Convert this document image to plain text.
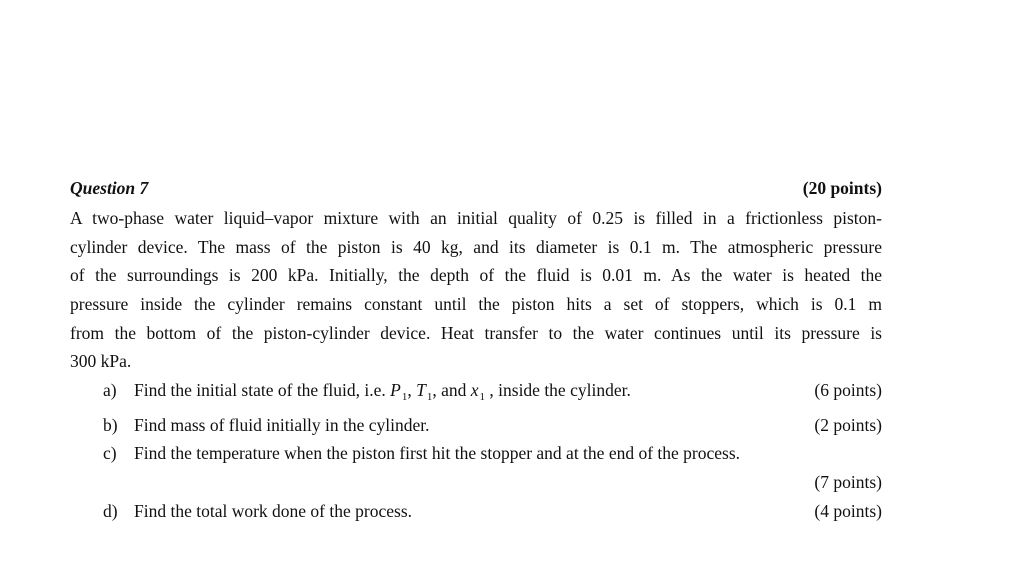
Question 7	(20 points)
A two-phase water liquid–vapor mixture with an initial quality of 0.25 is filled in a frictionless piston-
cylinder device. The mass of the piston is 40 kg, and its diameter is 0.1 m. The atmospheric pressure
of the surroundings is 200 kPa. Initially, the depth of the fluid is 0.01 m. As the water is heated the
pressure inside the cylinder remains constant until the piston hits a set of stoppers, which is 0.1 m
from the bottom of the piston-cylinder device. Heat transfer to the water continues until its pressure is
300 kPa.
a) Find the initial state of the fluid, i.e. $P_1$, $T_1$, and $x_1$ , inside the cylinder.	(6 points)
b) Find mass of fluid initially in the cylinder.	(2 points)
c) Find the temperature when the piston first hit the stopper and at the end of the process.
(7 points)
d) Find the total work done of the process.	(4 points)
